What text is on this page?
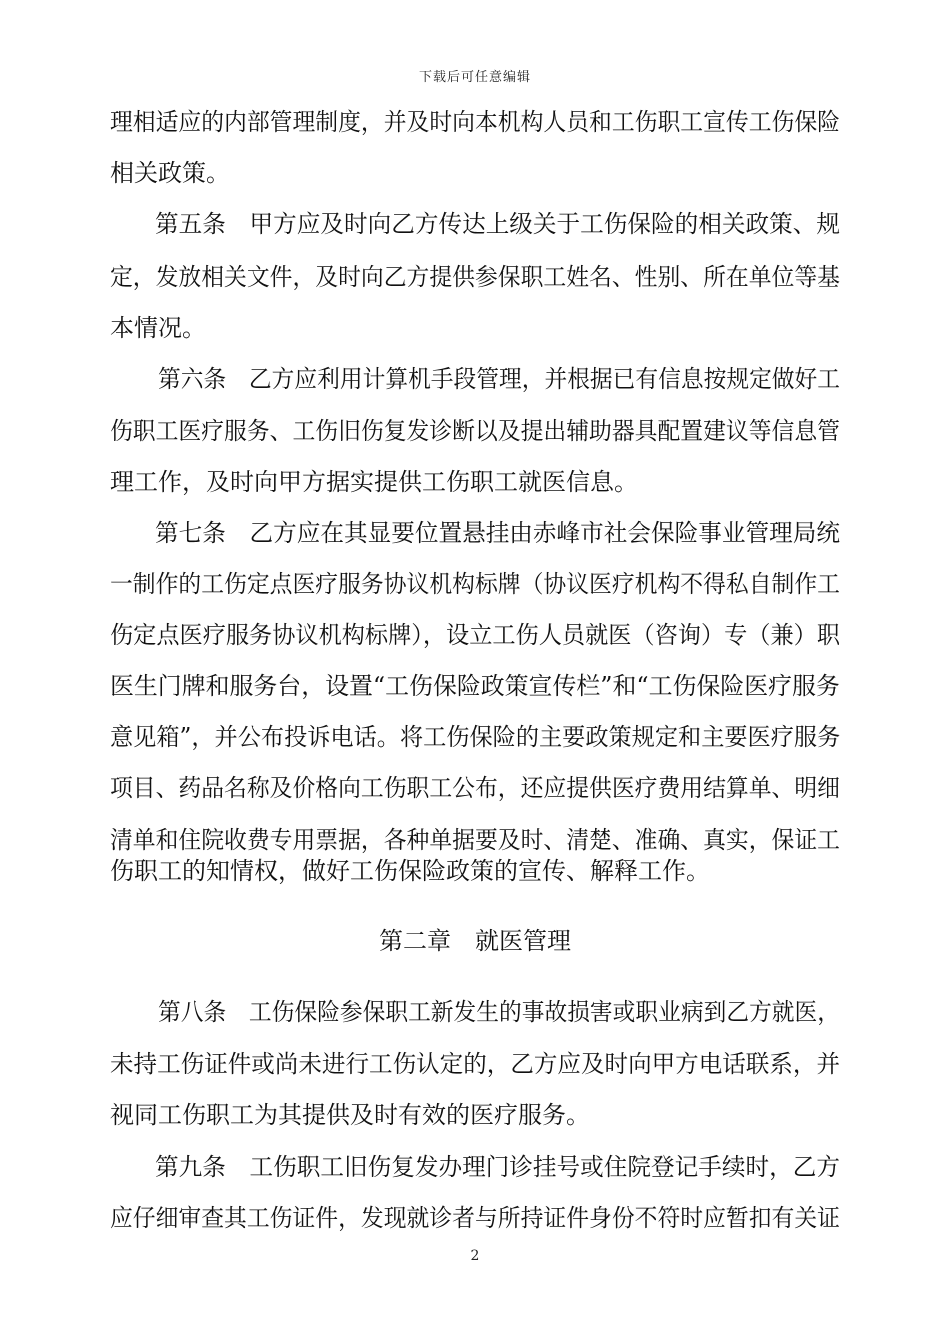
下载后可任意编辑
理相适应的内部管理制度，并及时向本机构人员和工伤职工宣传工伤保险
相关政策。
第五条　甲方应及时向乙方传达上级关于工伤保险的相关政策、规
定，发放相关文件，及时向乙方提供参保职工姓名、性别、所在单位等基
本情况。
第六条　乙方应利用计算机手段管理，并根据已有信息按规定做好工
伤职工医疗服务、工伤旧伤复发诊断以及提出辅助器具配置建议等信息管
理工作，及时向甲方据实提供工伤职工就医信息。
第七条　乙方应在其显要位置悬挂由赤峰市社会保险事业管理局统
一制作的工伤定点医疗服务协议机构标牌（协议医疗机构不得私自制作工
伤定点医疗服务协议机构标牌），设立工伤人员就医（咨询）专（兼）职
医生门牌和服务台，设置“工伤保险政策宣传栏”和“工伤保险医疗服务
意见箱”，并公布投诉电话。将工伤保险的主要政策规定和主要医疗服务
项目、药品名称及价格向工伤职工公布，还应提供医疗费用结算单、明细
清单和住院收费专用票据，各种单据要及时、清楚、准确、真实，保证工
伤职工的知情权，做好工伤保险政策的宣传、解释工作。
第二章　就医管理
第八条　工伤保险参保职工新发生的事故损害或职业病到乙方就医，
未持工伤证件或尚未进行工伤认定的，乙方应及时向甲方电话联系，并
视同工伤职工为其提供及时有效的医疗服务。
第九条　工伤职工旧伤复发办理门诊挂号或住院登记手续时，乙方
应仔细审查其工伤证件，发现就诊者与所持证件身份不符时应暂扣有关证
2
